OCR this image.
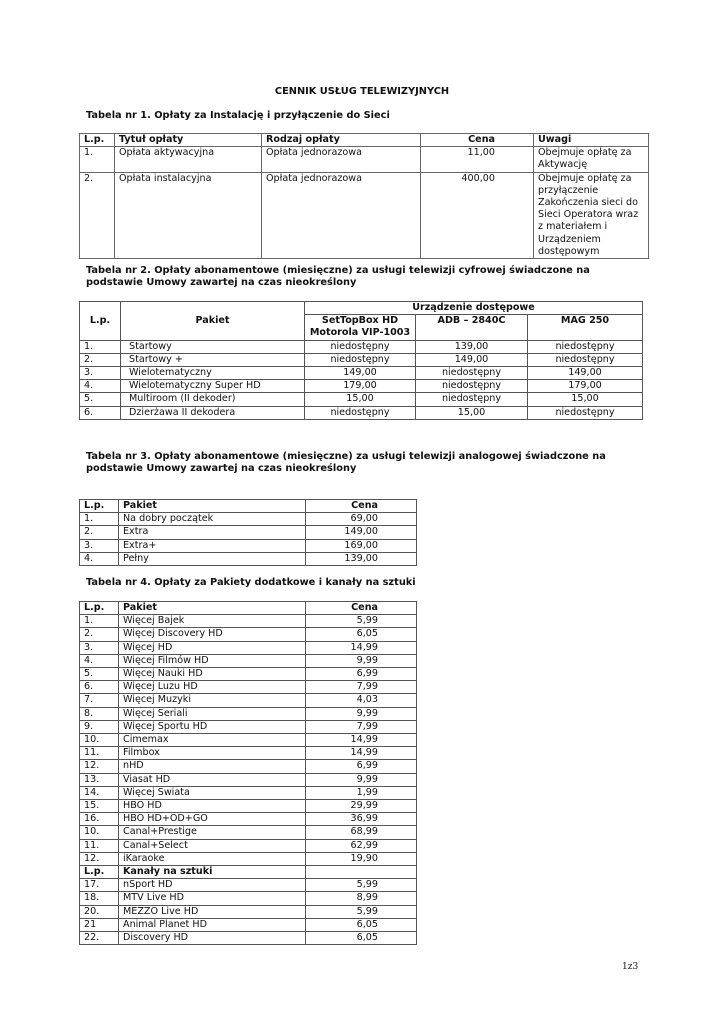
CENNIK USŁUG TELEWIZYJNYCH
Tabela nr 1. Opłaty za Instalację i przyłączenie do Sieci
L.p.	Tytuł opłaty	Rodzaj opłaty	Cena	Uwagi
1.	Opłata aktywacyjna	Opłata jednorazowa	11,00	Obejmuje opłatę za Aktywację
2.	Opłata instalacyjna	Opłata jednorazowa	400,00	Obejmuje opłatę za przyłączenie Zakończenia sieci do Sieci Operatora wraz z materiałem i Urządzeniem dostępowym
Tabela nr 2. Opłaty abonamentowe (miesięczne) za usługi telewizji cyfrowej świadczone na podstawie Umowy zawartej na czas nieokreślony
L.p.	Pakiet	Urządzenie dostępowe		
		SetTopBox HD Motorola VIP-1003	ADB – 2840C	MAG 250
1.	Startowy	niedostępny	139,00	niedostępny
2.	Startowy +	niedostępny	149,00	niedostępny
3.	Wielotematyczny	149,00	niedostępny	149,00
4.	Wielotematyczny Super HD	179,00	niedostępny	179,00
5.	Multiroom (II dekoder)	15,00	niedostępny	15,00
6.	Dzierżawa II dekodera	niedostępny	15,00	niedostępny
Tabela nr 3. Opłaty abonamentowe (miesięczne) za usługi telewizji analogowej świadczone na podstawie Umowy zawartej na czas nieokreślony
L.p.	Pakiet	Cena
1.	Na dobry początek	69,00
2.	Extra	149,00
3.	Extra+	169,00
4.	Pełny	139,00
Tabela nr 4. Opłaty za Pakiety dodatkowe i kanały na sztuki
L.p.	Pakiet	Cena
1.	Więcej Bajek	5,99
2.	Więcej Discovery HD	6,05
3.	Więcej HD	14,99
4.	Więcej Filmów HD	9,99
5.	Więcej Nauki HD	6,99
6.	Więcej Luzu HD	7,99
7.	Więcej Muzyki	4,03
8.	Więcej Seriali	9,99
9.	Więcej Sportu HD	7,99
10.	Cimemax	14,99
11.	Filmbox	14,99
12.	nHD	6,99
13.	Viasat HD	9,99
14.	Więcej Świata	1,99
15.	HBO HD	29,99
16.	HBO HD+OD+GO	36,99
10.	Canal+Prestige	68,99
11.	Canal+Select	62,99
12.	iKaraoke	19,90
L.p.	Kanały na sztuki	
17.	nSport HD	5,99
18.	MTV Live HD	8,99
20.	MEZZO Live HD	5,99
21	Animal Planet HD	6,05
22.	Discovery HD	6,05
1z3
